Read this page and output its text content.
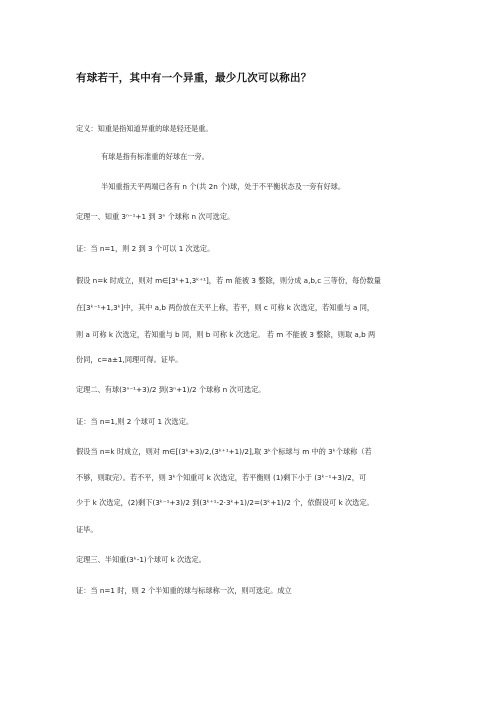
有球若干，其中有一个异重，最少几次可以称出？
定义：知重是指知道异重的球是轻还是重。
有球是指有标准重的好球在一旁。
半知重指天平两端已各有 n 个(共 2n 个)球，处于不平衡状态及一旁有好球。
定理一、知重 3ⁿ⁻¹+1 到 3ⁿ 个球称 n 次可选定。
证：当 n=1，则 2 到 3 个可以 1 次选定。
假设 n=k 时成立，则对 m∈[3ᵏ+1,3ᵏ⁺¹]，若 m 能被 3 整除，则分成 a,b,c 三等份，每份数量
在[3ᵏ⁻¹+1,3ᵏ]中，其中 a,b 两份放在天平上称，若平，则 c 可称 k 次选定，若知重与 a 同，
则 a 可称 k 次选定，若知重与 b 同，则 b 可称 k 次选定。 若 m 不能被 3 整除，则取 a,b 两
份同，c=a±1,同理可得。证毕。
定理二、有球(3ⁿ⁻¹+3)/2 到(3ⁿ+1)/2 个球称 n 次可选定。
证：当 n=1,则 2 个球可 1 次选定。
假设当 n=k 时成立，则对 m∈[(3ᵏ+3)/2,(3ᵏ⁺¹+1)/2],取 3ᵏ个标球与 m 中的 3ᵏ个球称（若
不够，则取完）。若不平，则 3ᵏ个知重可 k 次选定，若平衡则 (1)剩下小于 (3ᵏ⁻¹+3)/2，可
少于 k 次选定，(2)剩下(3ᵏ⁻¹+3)/2 到(3ᵏ⁺¹-2·3ᵏ+1)/2=(3ᵏ+1)/2 个，依假设可 k 次选定。
证毕。
定理三、半知重(3ᵏ-1)个球可 k 次选定。
证：当 n=1 时，则 2 个半知重的球与标球称一次，则可选定。成立
